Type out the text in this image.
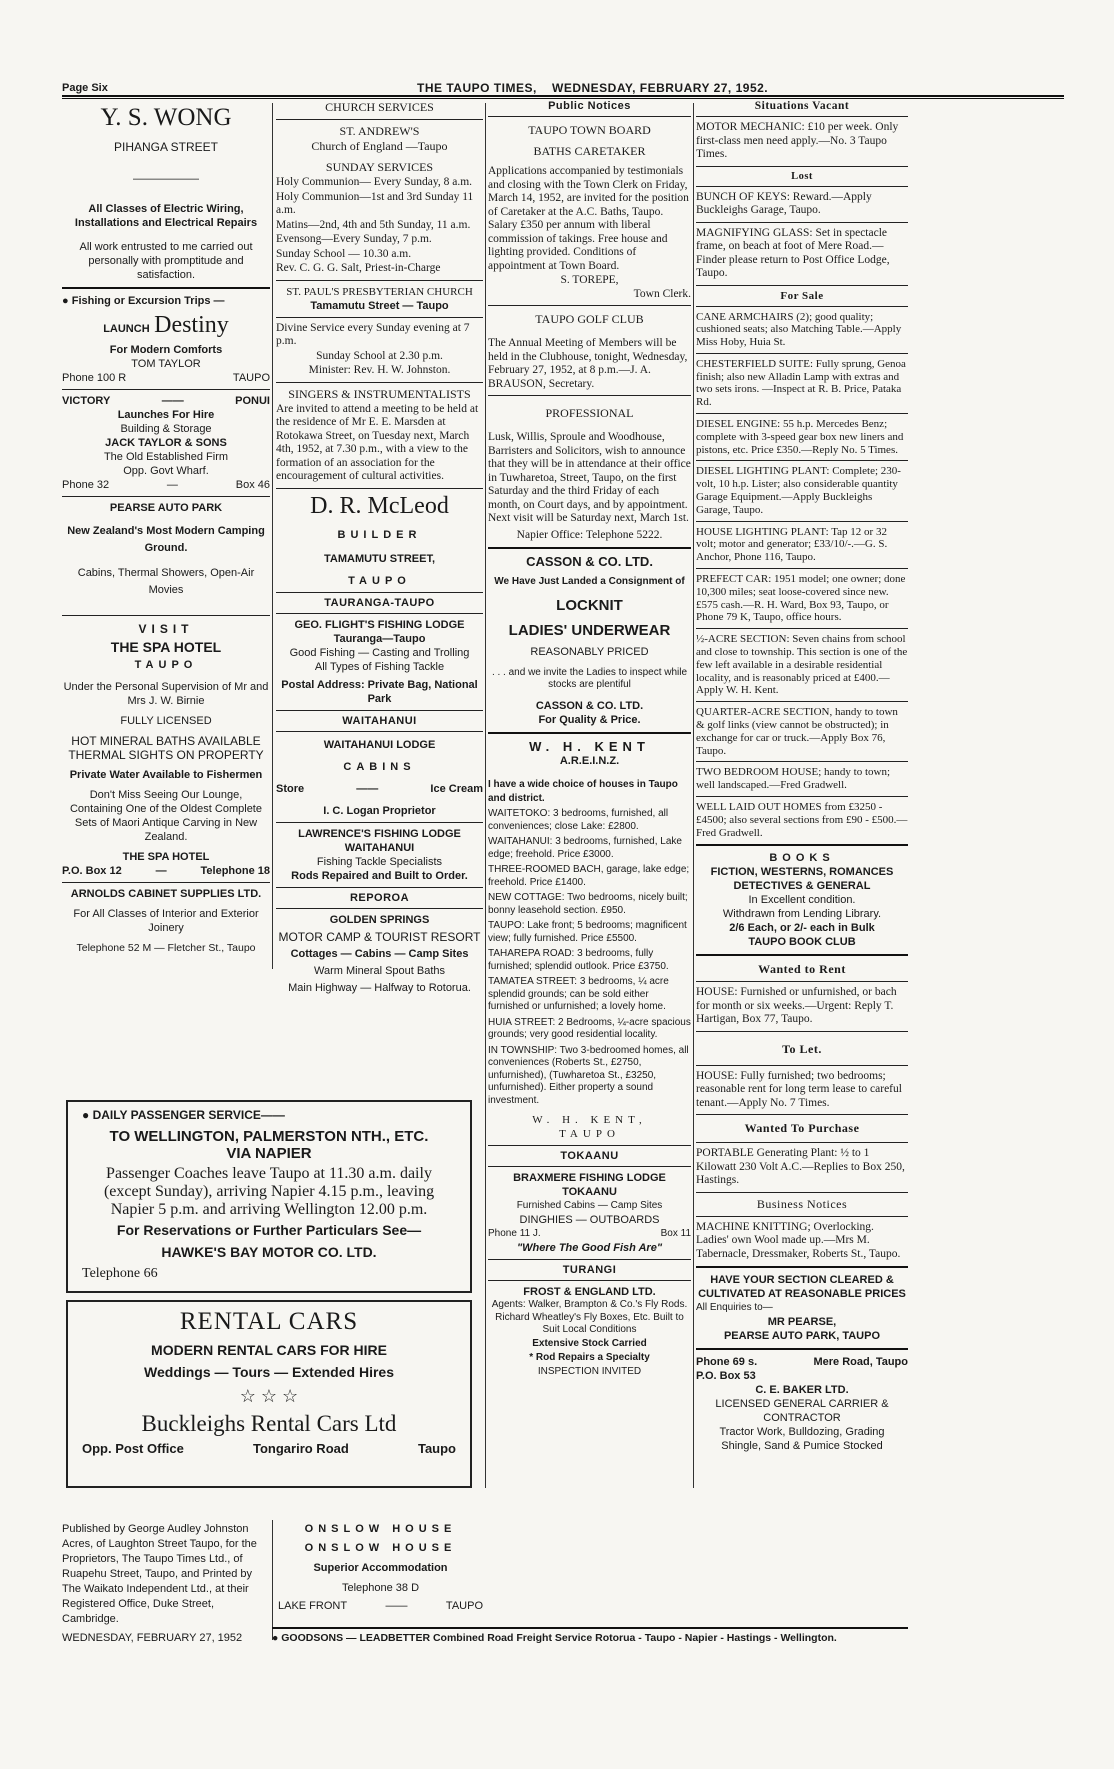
Page Six	THE TAUPO TIMES, WEDNESDAY, FEBRUARY 27, 1952.
Y. S. WONG
PIHANGA STREET
——————
All Classes of Electric Wiring, Installations and Electrical Repairs
All work entrusted to me carried out personally with promptitude and satisfaction.
● Fishing or Excursion Trips —
LAUNCH Destiny
For Modern Comforts
TOM TAYLOR
Phone 100 R	TAUPO
VICTORY	——	PONUI
Launches For Hire
Building & Storage
JACK TAYLOR & SONS
The Old Established Firm
Opp. Govt Wharf.
Phone 32	—	Box 46
PEARSE AUTO PARK
New Zealand's Most Modern Camping Ground.
Cabins, Thermal Showers, Open-Air Movies
VISIT
THE SPA HOTEL
TAUPO
Under the Personal Supervision of Mr and Mrs J. W. Birnie
FULLY LICENSED
HOT MINERAL BATHS AVAILABLE
THERMAL SIGHTS ON PROPERTY
Private Water Available to Fishermen
Don't Miss Seeing Our Lounge, Containing One of the Oldest Complete Sets of Maori Antique Carving in New Zealand.
THE SPA HOTEL
P.O. Box 12	—	Telephone 18
ARNOLDS CABINET SUPPLIES LTD.
For All Classes of Interior and Exterior Joinery
Telephone 52 M — Fletcher St., Taupo
CHURCH SERVICES
ST. ANDREW'S
Church of England —Taupo
SUNDAY SERVICES
Holy Communion— Every Sunday, 8 a.m.
Holy Communion—1st and 3rd Sunday 11 a.m.
Matins—2nd, 4th and 5th Sunday, 11 a.m.
Evensong—Every Sunday, 7 p.m.
Sunday School — 10.30 a.m.
Rev. C. G. G. Salt, Priest-in-Charge
ST. PAUL'S PRESBYTERIAN CHURCH
Tamamutu Street — Taupo
Divine Service every Sunday evening at 7 p.m.
Sunday School at 2.30 p.m.
Minister: Rev. H. W. Johnston.
SINGERS & INSTRUMENTALISTS
Are invited to attend a meeting to be held at the residence of Mr E. E. Marsden at Rotokawa Street, on Tuesday next, March 4th, 1952, at 7.30 p.m., with a view to the formation of an association for the encouragement of cultural activities.
D. R. McLeod
BUILDER
TAMAMUTU STREET,
TAUPO
TAURANGA-TAUPO
GEO. FLIGHT'S FISHING LODGE
Tauranga—Taupo
Good Fishing — Casting and Trolling
All Types of Fishing Tackle
Postal Address: Private Bag, National Park
WAITAHANUI
WAITAHANUI LODGE
CABINS
Store	——	Ice Cream
I. C. Logan Proprietor
LAWRENCE'S FISHING LODGE
WAITAHANUI
Fishing Tackle Specialists
Rods Repaired and Built to Order.
REPOROA
GOLDEN SPRINGS
MOTOR CAMP & TOURIST RESORT
Cottages — Cabins — Camp Sites
Warm Mineral Spout Baths
Main Highway — Halfway to Rotorua.
● DAILY PASSENGER SERVICE——
TO WELLINGTON, PALMERSTON NTH., ETC.
VIA NAPIER
Passenger Coaches leave Taupo at 11.30 a.m. daily (except Sunday), arriving Napier 4.15 p.m., leaving Napier 5 p.m. and arriving Wellington 12.00 p.m.
For Reservations or Further Particulars See—
HAWKE'S BAY MOTOR CO. LTD.
Telephone 66
RENTAL CARS
MODERN RENTAL CARS FOR HIRE
Weddings — Tours — Extended Hires
☆ ☆ ☆
Buckleighs Rental Cars Ltd
Opp. Post Office	Tongariro Road	Taupo
Published by George Audley Johnston Acres, of Laughton Street Taupo, for the Proprietors, The Taupo Times Ltd., of Ruapehu Street, Taupo, and Printed by The Waikato Independent Ltd., at their Registered Office, Duke Street, Cambridge.
WEDNESDAY, FEBRUARY 27, 1952
ONSLOW HOUSE
ONSLOW HOUSE
Superior Accommodation
Telephone 38 D
LAKE FRONT	——	TAUPO
Public Notices
TAUPO TOWN BOARD
BATHS CARETAKER
Applications accompanied by testimonials and closing with the Town Clerk on Friday, March 14, 1952, are invited for the position of Caretaker at the A.C. Baths, Taupo. Salary £350 per annum with liberal commission of takings. Free house and lighting provided. Conditions of appointment at Town Board.
S. TOREPE,
Town Clerk.
TAUPO GOLF CLUB
The Annual Meeting of Members will be held in the Clubhouse, tonight, Wednesday, February 27, 1952, at 8 p.m.—J. A. BRAUSON, Secretary.
PROFESSIONAL
Lusk, Willis, Sproule and Woodhouse, Barristers and Solicitors, wish to announce that they will be in attendance at their office in Tuwharetoa, Street, Taupo, on the first Saturday and the third Friday of each month, on Court days, and by appointment. Next visit will be Saturday next, March 1st.
Napier Office: Telephone 5222.
CASSON & CO. LTD.
We Have Just Landed a Consignment of
LOCKNIT
LADIES' UNDERWEAR
REASONABLY PRICED
. . . and we invite the Ladies to inspect while stocks are plentiful
CASSON & CO. LTD.
For Quality & Price.
W. H. KENT
A.R.E.I.N.Z.
I have a wide choice of houses in Taupo and district.
WAITETOKO: 3 bedrooms, furnished, all conveniences; close Lake: £2800.
WAITAHANUI: 3 bedrooms, furnished, Lake edge; freehold. Price £3000.
THREE-ROOMED BACH, garage, lake edge; freehold. Price £1400.
NEW COTTAGE: Two bedrooms, nicely built; bonny leasehold section. £950.
TAUPO: Lake front; 5 bedrooms; magnificent view; fully furnished. Price £5500.
TAHAREPA ROAD: 3 bedrooms, fully furnished; splendid outlook. Price £3750.
TAMATEA STREET: 3 bedrooms, ¼ acre splendid grounds; can be sold either furnished or unfurnished; a lovely home.
HUIA STREET: 2 Bedrooms, ¼-acre spacious grounds; very good residential locality.
IN TOWNSHIP: Two 3-bedroomed homes, all conveniences (Roberts St., £2750, unfurnished), (Tuwharetoa St., £3250, unfurnished). Either property a sound investment.
W. H. KENT,
TAUPO
TOKAANU
BRAXMERE FISHING LODGE
TOKAANU
Furnished Cabins — Camp Sites
DINGHIES — OUTBOARDS
Phone 11 J.	Box 11
"Where The Good Fish Are"
TURANGI
FROST & ENGLAND LTD.
Agents: Walker, Brampton & Co.'s Fly Rods. Richard Wheatley's Fly Boxes, Etc. Built to Suit Local Conditions
Extensive Stock Carried
* Rod Repairs a Specialty
INSPECTION INVITED
Situations Vacant
MOTOR MECHANIC: £10 per week. Only first-class men need apply.—No. 3 Taupo Times.
Lost
BUNCH OF KEYS: Reward.—Apply Buckleighs Garage, Taupo.
MAGNIFYING GLASS: Set in spectacle frame, on beach at foot of Mere Road.—Finder please return to Post Office Lodge, Taupo.
For Sale
CANE ARMCHAIRS (2); good quality; cushioned seats; also Matching Table.—Apply Miss Hoby, Huia St.
CHESTERFIELD SUITE: Fully sprung, Genoa finish; also new Alladin Lamp with extras and two sets irons. —Inspect at R. B. Price, Pataka Rd.
DIESEL ENGINE: 55 h.p. Mercedes Benz; complete with 3-speed gear box new liners and pistons, etc. Price £350.—Reply No. 5 Times.
DIESEL LIGHTING PLANT: Complete; 230-volt, 10 h.p. Lister; also considerable quantity Garage Equipment.—Apply Buckleighs Garage, Taupo.
HOUSE LIGHTING PLANT: Tap 12 or 32 volt; motor and generator; £33/10/-.—G. S. Anchor, Phone 116, Taupo.
PREFECT CAR: 1951 model; one owner; done 10,300 miles; seat loose-covered since new. £575 cash.—R. H. Ward, Box 93, Taupo, or Phone 79 K, Taupo, office hours.
½-ACRE SECTION: Seven chains from school and close to township. This section is one of the few left available in a desirable residential locality, and is reasonably priced at £400.—Apply W. H. Kent.
QUARTER-ACRE SECTION, handy to town & golf links (view cannot be obstructed); in exchange for car or truck.—Apply Box 76, Taupo.
TWO BEDROOM HOUSE; handy to town; well landscaped.—Fred Gradwell.
WELL LAID OUT HOMES from £3250 - £4500; also several sections from £90 - £500.—Fred Gradwell.
BOOKS
FICTION, WESTERNS, ROMANCES
DETECTIVES & GENERAL
In Excellent condition.
Withdrawn from Lending Library.
2/6 Each, or 2/- each in Bulk
TAUPO BOOK CLUB
Wanted to Rent
HOUSE: Furnished or unfurnished, or bach for month or six weeks.—Urgent: Reply T. Hartigan, Box 77, Taupo.
To Let.
HOUSE: Fully furnished; two bedrooms; reasonable rent for long term lease to careful tenant.—Apply No. 7 Times.
Wanted To Purchase
PORTABLE Generating Plant: ½ to 1 Kilowatt 230 Volt A.C.—Replies to Box 250, Hastings.
Business Notices
MACHINE KNITTING; Overlocking. Ladies' own Wool made up.—Mrs M. Tabernacle, Dressmaker, Roberts St., Taupo.
HAVE YOUR SECTION CLEARED & CULTIVATED AT REASONABLE PRICES
All Enquiries to—
MR PEARSE,
PEARSE AUTO PARK, TAUPO
Phone 69 s.	Mere Road, Taupo
P.O. Box 53
C. E. BAKER LTD.
LICENSED GENERAL CARRIER & CONTRACTOR
Tractor Work, Bulldozing, Grading
Shingle, Sand & Pumice Stocked
● GOODSONS — LEADBETTER Combined Road Freight Service Rotorua - Taupo - Napier - Hastings - Wellington.
